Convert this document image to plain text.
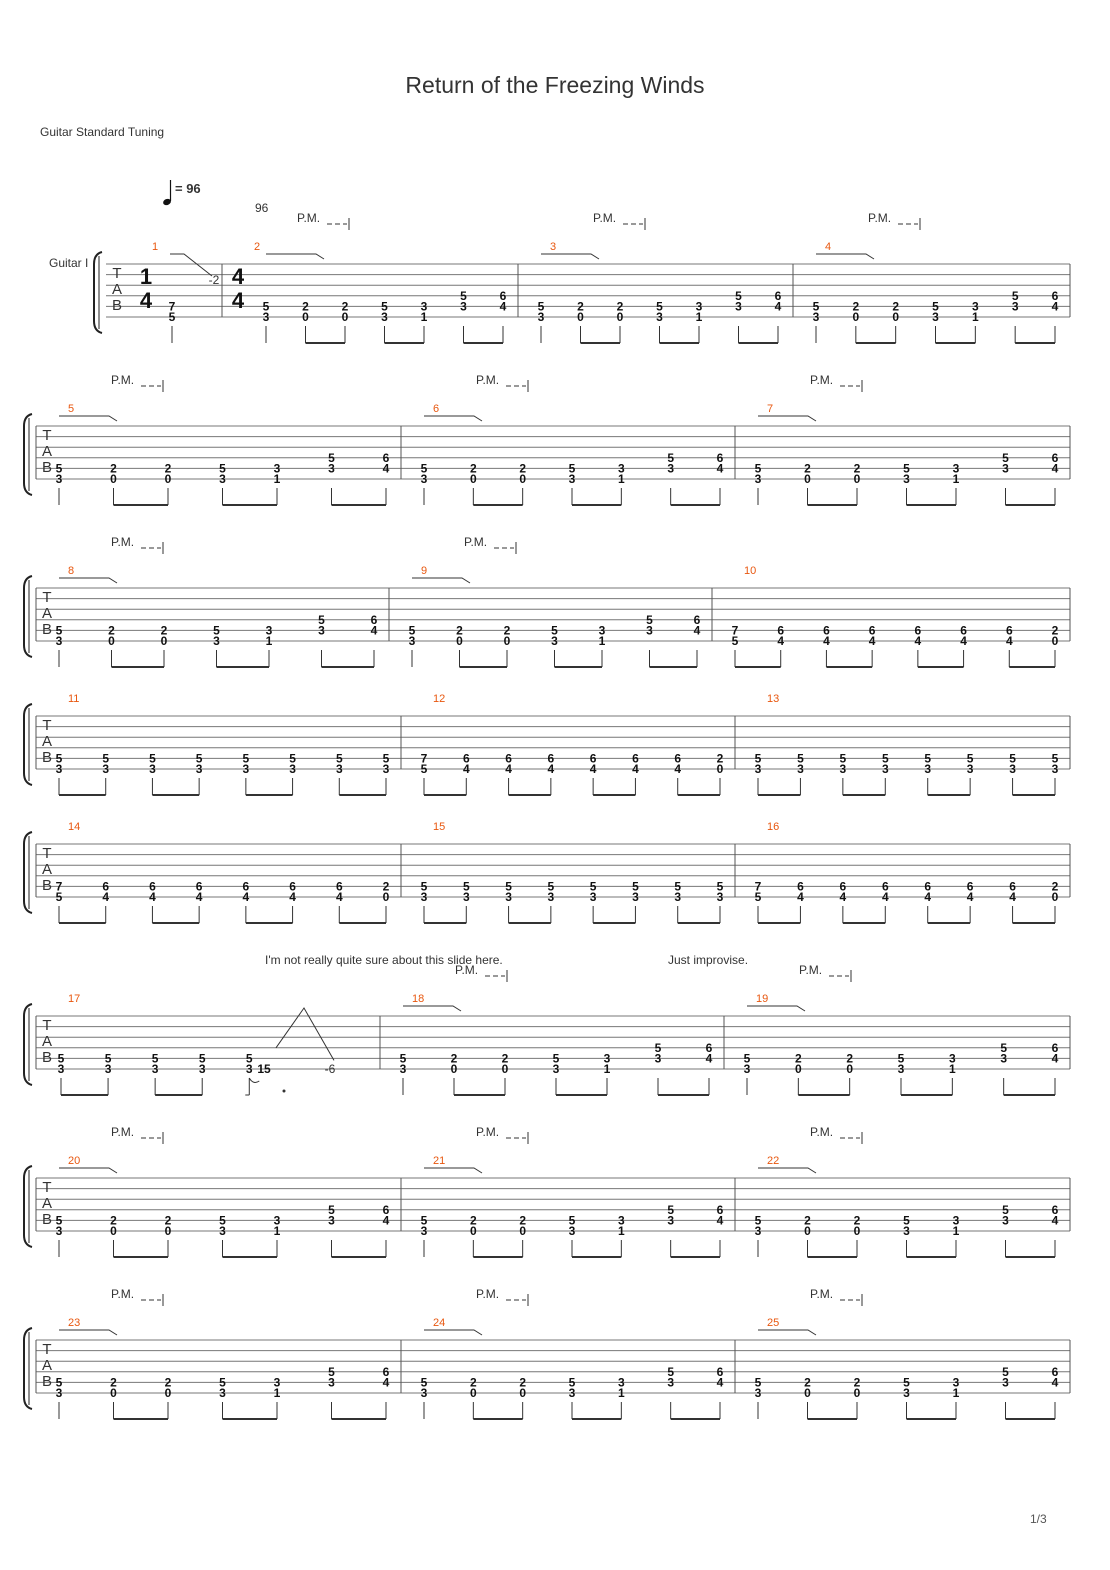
Return of the Freezing Winds
Guitar Standard Tuning
T
A
B
1
1
4 7
5
-2
2
4
4
P.M.
5
3
2
0
2
0
5
3
3
1
5
3
6
4
3
P.M.
5
3
2
0
2
0
5
3
3
1
5
3
6
4
4
P.M.
5
3
2
0
2
0
5
3
3
1
5
3
6
4
Guitar I
T
A
B
5
P.M.
5
3
2
0
2
0
5
3
3
1
5
3
6
4
6
P.M.
5
3
2
0
2
0
5
3
3
1
5
3
6
4
7
P.M.
5
3
2
0
2
0
5
3
3
1
5
3
6
4
T
A
B
8
P.M.
5
3
2
0
2
0
5
3
3
1
5
3
6
4
9
P.M.
5
3
2
0
2
0
5
3
3
1
5
3
6
4
10
7
5
6
4
6
4
6
4
6
4
6
4
6
4
2
0
T
A
B
11
5
3
5
3
5
3
5
3
5
3
5
3
5
3
5
3
12
7
5
6
4
6
4
6
4
6
4
6
4
6
4
2
0
13
5
3
5
3
5
3
5
3
5
3
5
3
5
3
5
3
T
A
B
14
7
5
6
4
6
4
6
4
6
4
6
4
6
4
2
0
15
5
3
5
3
5
3
5
3
5
3
5
3
5
3
5
3
16
7
5
6
4
6
4
6
4
6
4
6
4
6
4
2
0
T
A
B
17
5
3
5
3
5
3
5
3
5
3 15	-6
18
P.M.
5
3
2
0
2
0
5
3
3
1
5
3
6
4
19
P.M.
5
3
2
0
2
0
5
3
3
1
5
3
6
4
T
A
B
20
P.M.
5
3
2
0
2
0
5
3
3
1
5
3
6
4
21
P.M.
5
3
2
0
2
0
5
3
3
1
5
3
6
4
22
P.M.
5
3
2
0
2
0
5
3
3
1
5
3
6
4
T
A
B
23
P.M.
5
3
2
0
2
0
5
3
3
1
5
3
6
4
24
P.M.
5
3
2
0
2
0
5
3
3
1
5
3
6
4
25
P.M.
5
3
2
0
2
0
5
3
3
1
5
3
6
4
= 96
96
I'm not really quite sure about this slide here.	Just improvise.
1/3
